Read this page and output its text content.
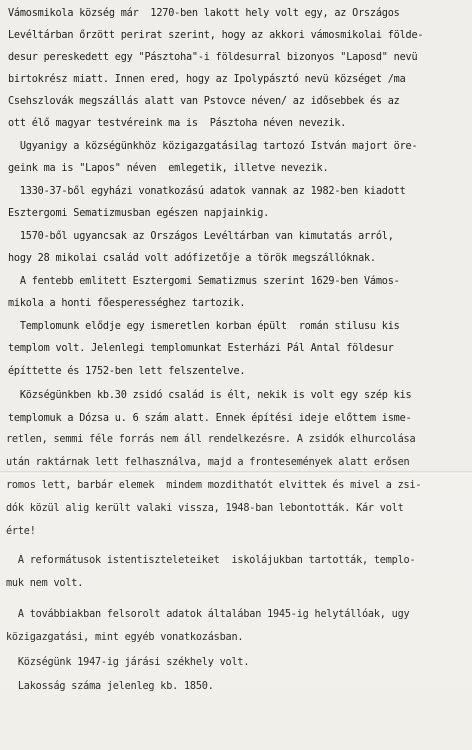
Vámosmikola község már  1270-ben lakott hely volt egy, az Országos

Levéltárban őrzött perirat szerint, hogy az akkori vámosmikolai földe-

desur pereskedett egy "Pásztoha"-i földesurral bizonyos "Laposd" nevü

birtokrész miatt. Innen ered, hogy az Ipolypásztó nevü községet /ma

Csehszlovák megszállás alatt van Pstovce néven/ az idősebbek és az

ott élő magyar testvéreink ma is  Pásztoha néven nevezik.

Ugyanigy a községünkhöz közigazgatásilag tartozó István majort öre-

geink ma is "Lapos" néven  emlegetik, illetve nevezik.

1330-37-ből egyházi vonatkozású adatok vannak az 1982-ben kiadott

Esztergomi Sematizmusban egészen napjainkig.

1570-ből ugyancsak az Országos Levéltárban van kimutatás arról,

hogy 28 mikolai család volt adófizetője a török megszállóknak.

A fentebb emlitett Esztergomi Sematizmus szerint 1629-ben Vámos-

mikola a honti főesperességhez tartozik.

Templomunk elődje egy ismeretlen korban épült  román stilusu kis

templom volt. Jelenlegi templomunkat Esterházi Pál Antal földesur

építtette és 1752-ben lett felszentelve.

Községünkben kb.30 zsidó család is élt, nekik is volt egy szép kis

templomuk a Dózsa u. 6 szám alatt. Ennek építési ideje előttem isme-

retlen, semmi féle forrás nem áll rendelkezésre. A zsidók elhurcolása

után raktárnak lett felhasználva, majd a frontesemények alatt erősen

romos lett, barbár elemek  mindem mozdithatót elvittek és mivel a zsi-

dók közül alig került valaki vissza, 1948-ban lebontották. Kár volt

érte!

A reformátusok istentiszteleteiket  iskolájukban tartották, templo-

muk nem volt.

A továbbiakban felsorolt adatok általában 1945-ig helytállóak, ugy

közigazgatási, mint egyéb vonatkozásban.

Községünk 1947-ig járási székhely volt.

Lakosság száma jelenleg kb. 1850.
